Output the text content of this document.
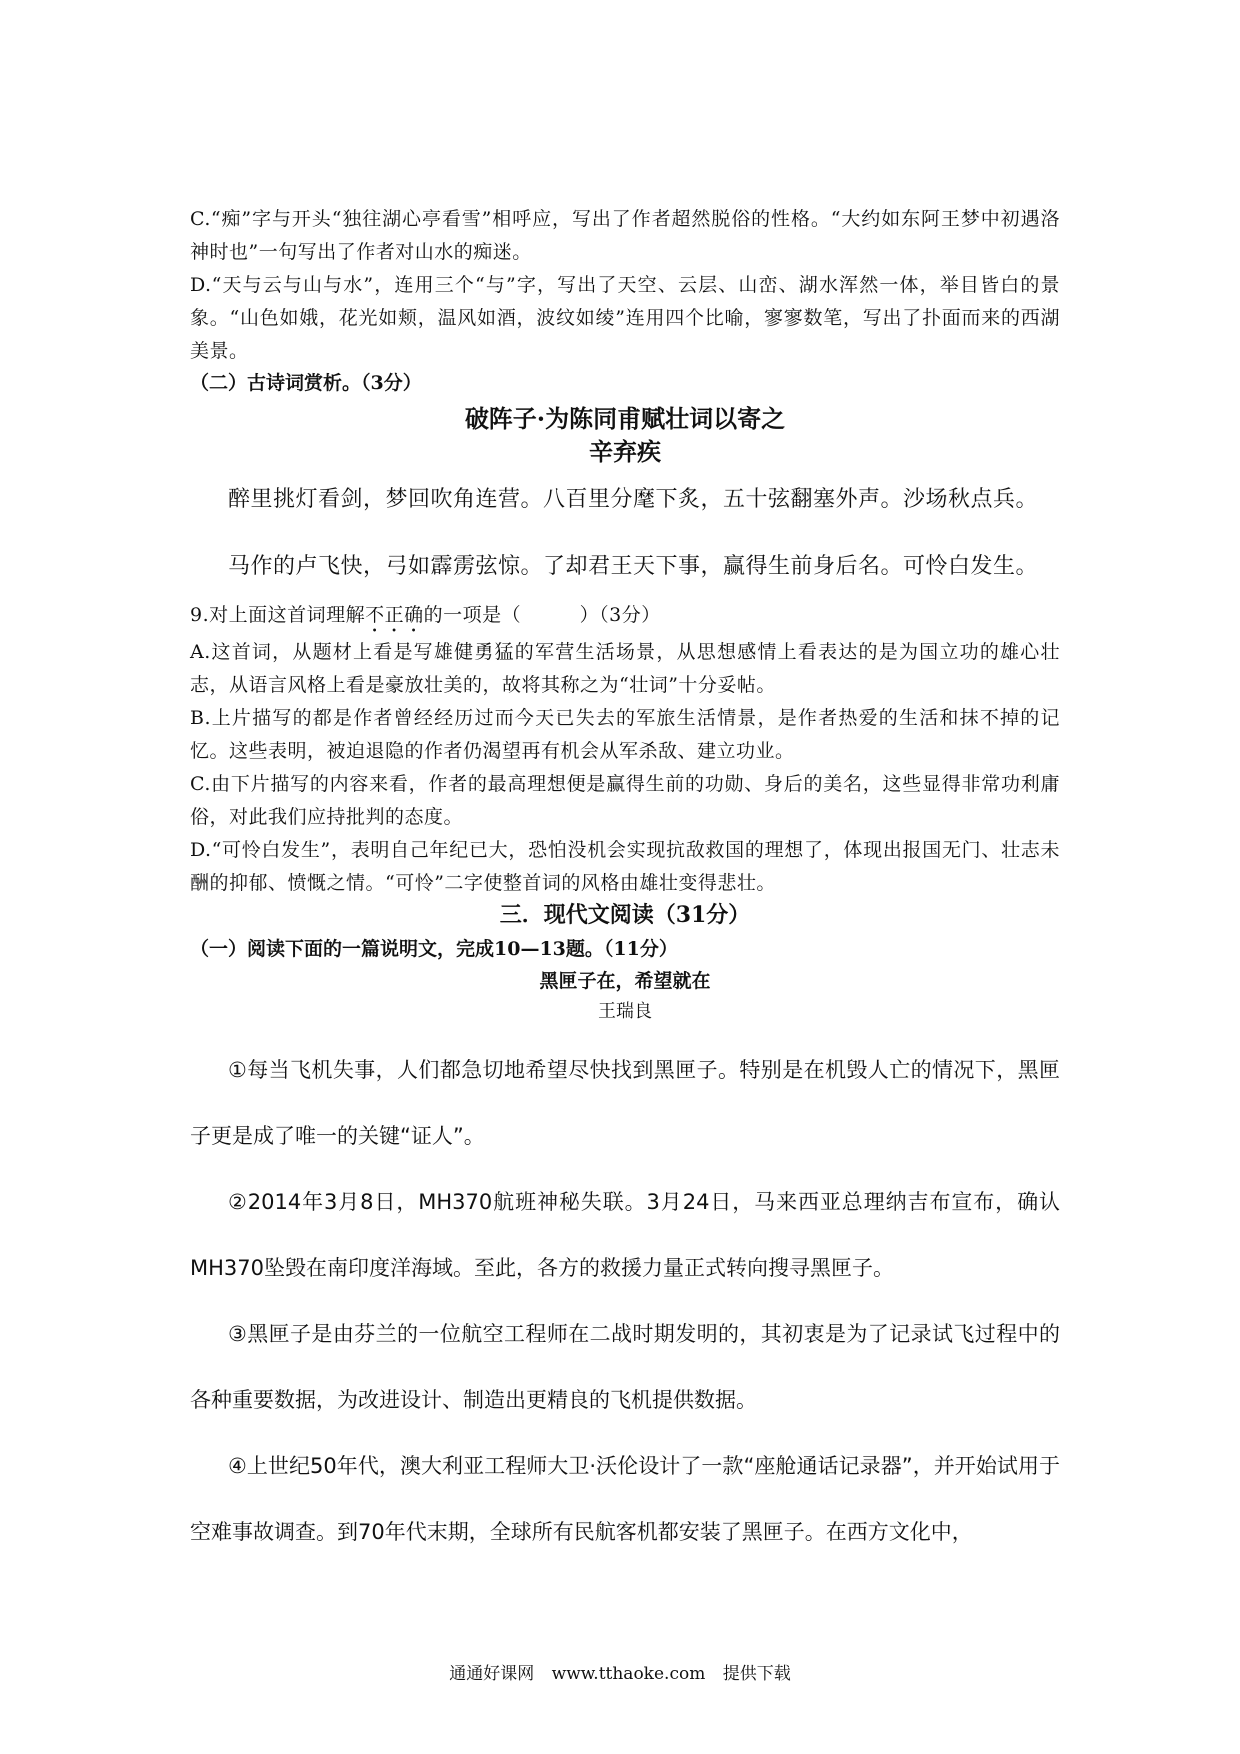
C.“痴”字与开头“独往湖心亭看雪”相呼应，写出了作者超然脱俗的性格。“大约如东阿王梦中初遇洛神时也”一句写出了作者对山水的痴迷。
D.“天与云与山与水”，连用三个“与”字，写出了天空、云层、山峦、湖水浑然一体，举目皆白的景象。“山色如娥，花光如颊，温风如酒，波纹如绫”连用四个比喻，寥寥数笔，写出了扑面而来的西湖美景。
（二）古诗词赏析。（3分）
破阵子·为陈同甫赋壮词以寄之
辛弃疾
醉里挑灯看剑，梦回吹角连营。八百里分麾下炙，五十弦翻塞外声。沙场秋点兵。
马作的卢飞快，弓如霹雳弦惊。了却君王天下事，赢得生前身后名。可怜白发生。
9.对上面这首词理解不正确的一项是（　　　）（3分）
A.这首词，从题材上看是写雄健勇猛的军营生活场景，从思想感情上看表达的是为国立功的雄心壮志，从语言风格上看是豪放壮美的，故将其称之为“壮词”十分妥帖。
B.上片描写的都是作者曾经经历过而今天已失去的军旅生活情景，是作者热爱的生活和抹不掉的记忆。这些表明，被迫退隐的作者仍渴望再有机会从军杀敌、建立功业。
C.由下片描写的内容来看，作者的最高理想便是赢得生前的功勋、身后的美名，这些显得非常功利庸俗，对此我们应持批判的态度。
D.“可怜白发生”，表明自己年纪已大，恐怕没机会实现抗敌救国的理想了，体现出报国无门、壮志未酬的抑郁、愤慨之情。“可怜”二字使整首词的风格由雄壮变得悲壮。
三．现代文阅读（31分）
（一）阅读下面的一篇说明文，完成10—13题。（11分）
黑匣子在，希望就在
王瑞良
①每当飞机失事，人们都急切地希望尽快找到黑匣子。特别是在机毁人亡的情况下，黑匣子更是成了唯一的关键“证人”。
②2014年3月8日，MH370航班神秘失联。3月24日，马来西亚总理纳吉布宣布，确认MH370坠毁在南印度洋海域。至此，各方的救援力量正式转向搜寻黑匣子。
③黑匣子是由芬兰的一位航空工程师在二战时期发明的，其初衷是为了记录试飞过程中的各种重要数据，为改进设计、制造出更精良的飞机提供数据。
④上世纪50年代，澳大利亚工程师大卫·沃伦设计了一款“座舱通话记录器”，并开始试用于空难事故调查。到70年代末期，全球所有民航客机都安装了黑匣子。在西方文化中，
通通好课网 www.tthaoke.com 提供下载
